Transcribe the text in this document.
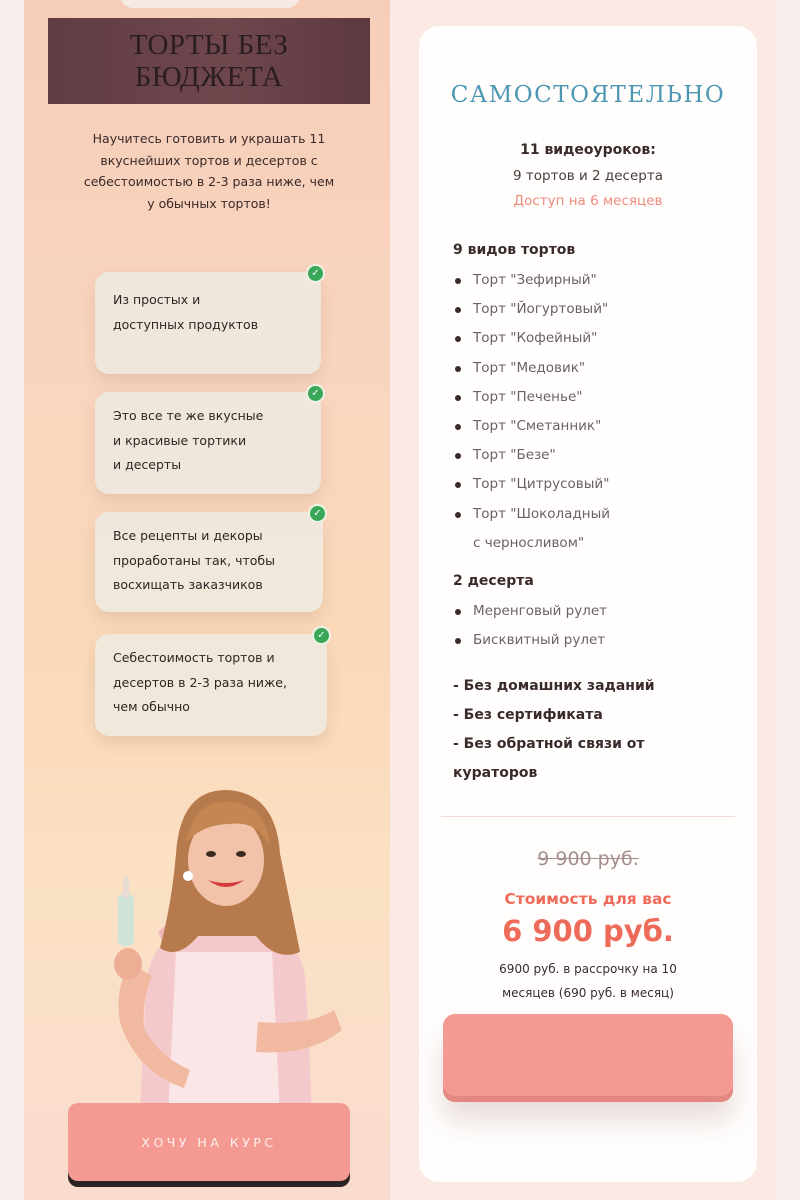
ТОРТЫ БЕЗ
БЮДЖЕТА
Научитесь готовить и украшать 11
вкуснейших тортов и десертов с
себестоимостью в 2-3 раза ниже, чем
у обычных тортов!
✓
Из простых и
доступных продуктов
✓
Это все те же вкусные
и красивые тортики
и десерты
✓
Все рецепты и декоры
проработаны так, чтобы
восхищать заказчиков
✓
Себестоимость тортов и
десертов в 2-3 раза ниже,
чем обычно
ХОЧУ НА КУРС
САМОСТОЯТЕЛЬНО
11 видеоуроков:
9 тортов и 2 десерта
Доступ на 6 месяцев
9 видов тортов
Торт "Зефирный"
Торт "Йогуртовый"
Торт "Кофейный"
Торт "Медовик"
Торт "Печенье"
Торт "Сметанник"
Торт "Безе"
Торт "Цитрусовый"
Торт "Шоколадный
с черносливом"
2 десерта
Меренговый рулет
Бисквитный рулет
- Без домашних заданий
- Без сертификата
- Без обратной связи от
кураторов
9 900 руб.
Стоимость для вас
6 900 руб.
6900 руб. в рассрочку на 10
месяцев (690 руб. в месяц)
